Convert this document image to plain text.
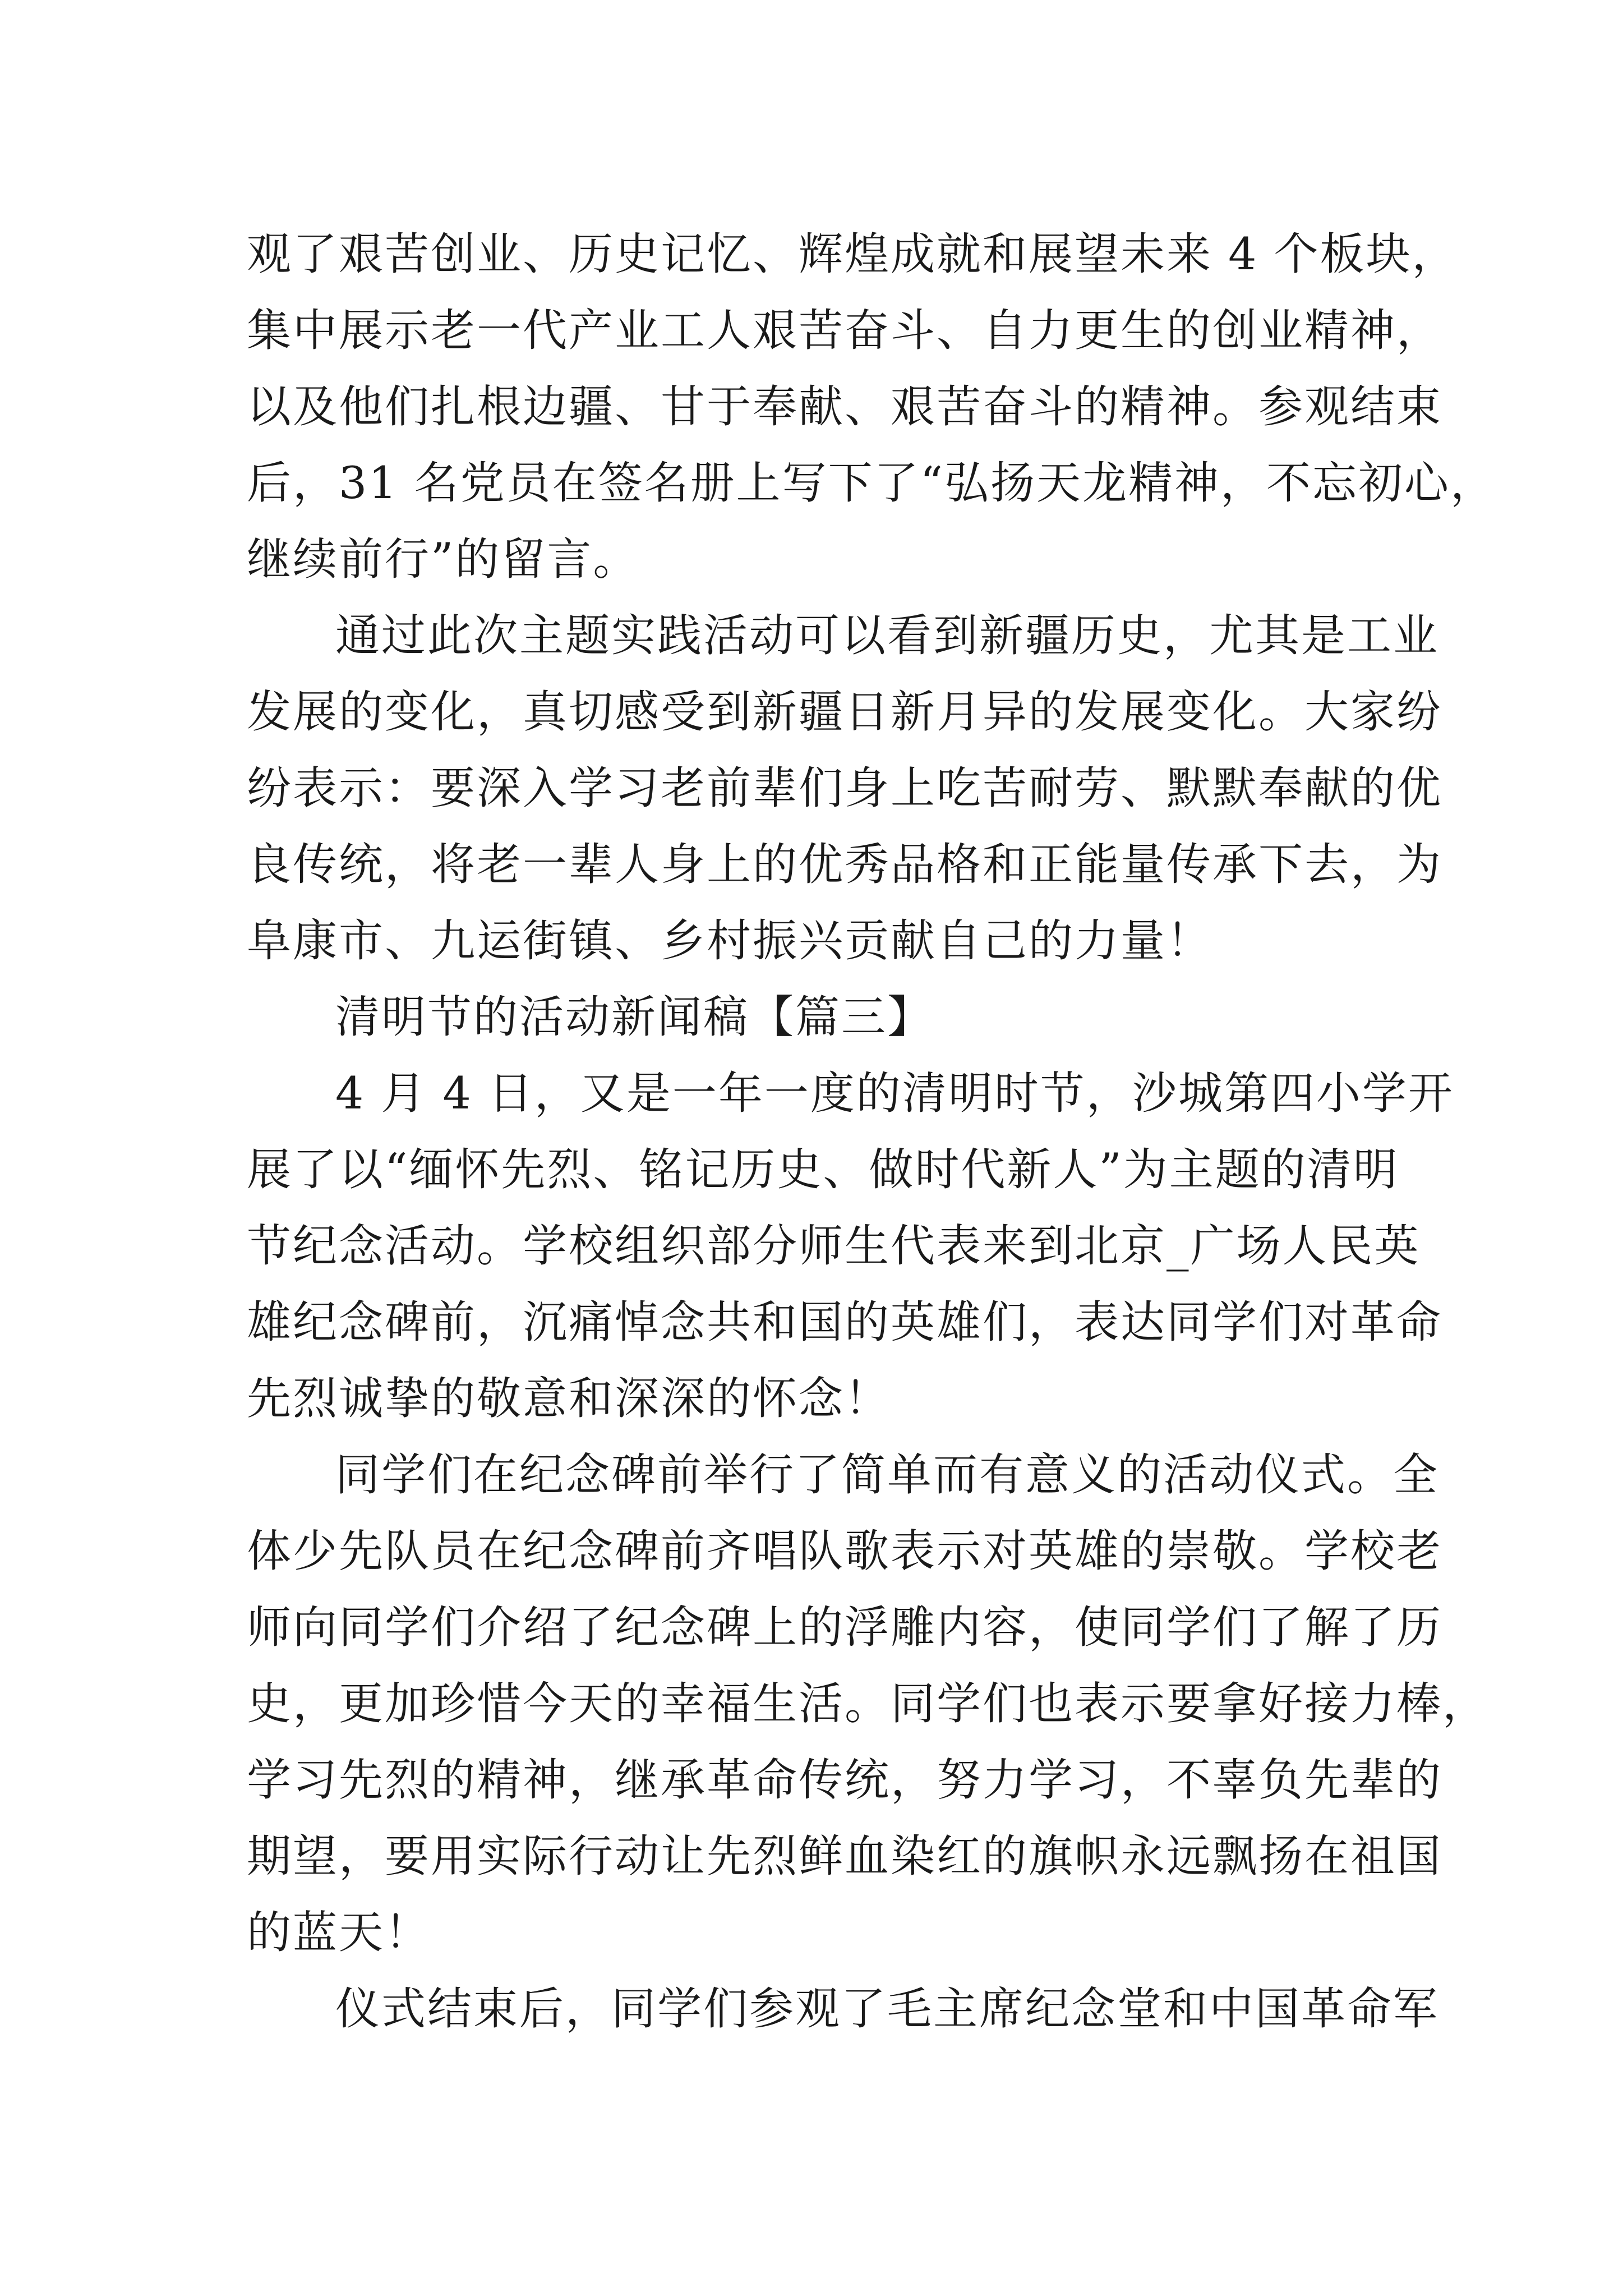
观了艰苦创业、历史记忆、辉煌成就和展望未来 4 个板块，
集中展示老一代产业工人艰苦奋斗、自力更生的创业精神，
以及他们扎根边疆、甘于奉献、艰苦奋斗的精神。参观结束
后，31 名党员在签名册上写下了“弘扬天龙精神，不忘初心，
继续前行”的留言。
通过此次主题实践活动可以看到新疆历史，尤其是工业
发展的变化，真切感受到新疆日新月异的发展变化。大家纷
纷表示：要深入学习老前辈们身上吃苦耐劳、默默奉献的优
良传统，将老一辈人身上的优秀品格和正能量传承下去，为
阜康市、九运街镇、乡村振兴贡献自己的力量！
清明节的活动新闻稿【篇三】
4 月 4 日，又是一年一度的清明时节，沙城第四小学开
展了以“缅怀先烈、铭记历史、做时代新人”为主题的清明
节纪念活动。学校组织部分师生代表来到北京_广场人民英
雄纪念碑前，沉痛悼念共和国的英雄们，表达同学们对革命
先烈诚挚的敬意和深深的怀念！
同学们在纪念碑前举行了简单而有意义的活动仪式。全
体少先队员在纪念碑前齐唱队歌表示对英雄的崇敬。学校老
师向同学们介绍了纪念碑上的浮雕内容，使同学们了解了历
史，更加珍惜今天的幸福生活。同学们也表示要拿好接力棒，
学习先烈的精神，继承革命传统，努力学习，不辜负先辈的
期望，要用实际行动让先烈鲜血染红的旗帜永远飘扬在祖国
的蓝天！
仪式结束后，同学们参观了毛主席纪念堂和中国革命军
